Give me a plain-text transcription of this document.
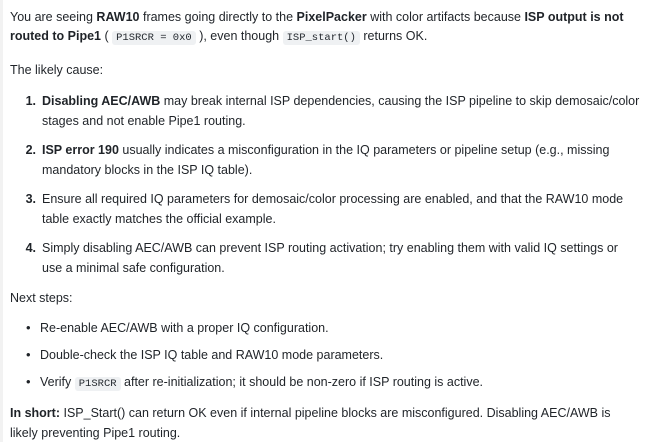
You are seeing RAW10 frames going directly to the PixelPacker with color artifacts because ISP output is not routed to Pipe1 ( P1SRCR = 0x0 ), even though ISP_start() returns OK.

The likely cause:

Disabling AEC/AWB may break internal ISP dependencies, causing the ISP pipeline to skip demosaic/color stages and not enable Pipe1 routing.
ISP error 190 usually indicates a misconfiguration in the IQ parameters or pipeline setup (e.g., missing mandatory blocks in the ISP IQ table).
Ensure all required IQ parameters for demosaic/color processing are enabled, and that the RAW10 mode table exactly matches the official example.
Simply disabling AEC/AWB can prevent ISP routing activation; try enabling them with valid IQ settings or use a minimal safe configuration.

Next steps:

• Re-enable AEC/AWB with a proper IQ configuration.
• Double-check the ISP IQ table and RAW10 mode parameters.
• Verify P1SRCR after re-initialization; it should be non-zero if ISP routing is active.

In short: ISP_Start() can return OK even if internal pipeline blocks are misconfigured. Disabling AEC/AWB is likely preventing Pipe1 routing.
